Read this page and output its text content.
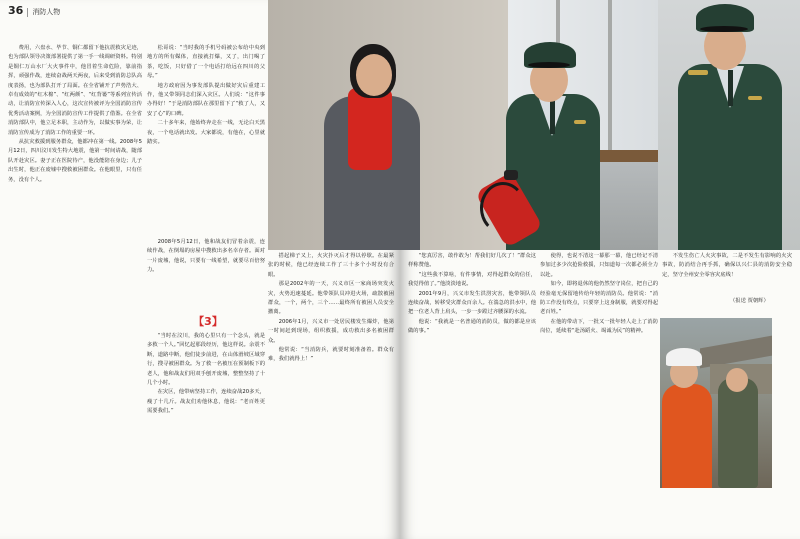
36 消防人物

费用，六盘水、毕节、铜仁都留下他抗震救灾足迹，也为部队领导决策部署提供了第一手一线调研资料。特别是铜仁万山水厂大火事件中，他冒着生命危险，靠前指挥，顽强作战，连续奋战两天两夜，后来受到消防总队高度表扬，也为部队打开了局面。在全省铺开了声势浩大、卓有成效的“红木棉”、“红两颜”、“红背篓”等系列宣传活动，让消防宣传深入人心，这次宣传被评为全国消防宣传优秀活动案例，为全国消防宣传工作提供了借鉴。在全省消防部队中，他立足本职，主动作为，以做实事为荣，让消防宣传成为了消防工作的重要一环。

从抗灾救援到服务群众，他都冲在第一线。2008年5月12日，四川汶川发生特大地震，他第一时间请战，随部队开赴灾区。妻子正在医院待产，他没能陪在身边；儿子出生时，他正在废墟中搜救被困群众。在他眼里，只有任务，没有个人。

松哥说：“当时我的手机号码被公布给中央到地方的所有媒体，直接就打爆，又了，出门喝了茶，吃饭，只好借了一个电话打给远在四川的父母。”

地方政府因为事发部队提出做好灾后重建工作，他又带领同志们深入灾区。人们说：“这件事办得好！”于是消防部队在那里留下了“救了人，又安了心”的口碑。

二十多年来，他始终奔走在一线，无论白天黑夜，一个电话就出发。大家都说，有他在，心里就踏实。

2008年5月12日，他和战友们冒着余震，连续作战，在倒塌的房屋中搜救出多名幸存者。面对一片废墟，他说，只要有一线希望，就要尽百倍努力。

【3】

“当时在汶川，我的心里只有一个念头，就是多救一个人。”回忆起那段经历，他这样说。余震不断，道路中断，他们徒步前进，在山体滑坡区域穿行，搜寻被困群众。为了救一名被压在预制板下的老人，他和战友们用双手刨开废墟，整整坚持了十几个小时。

在灾区，他带病坚持工作，连续奋战20多天，瘦了十几斤。战友们劝他休息，他说：“老百姓更需要我们。”

搭起梯子又上，火灾扑灭后才得以停歇。在最紧张的时候，他已经连续工作了三十多个小时没有合眼。

那是2002年的一天，兴义市区一家商场突发火灾，火势迅速蔓延。他带领队员冲进火场，疏散被困群众，一个，两个，三个……最终所有被困人员安全撤离。

2006年1月，兴义市一处居民楼发生爆炸，他第一时间赶到现场，组织救援，成功救出多名被困群众。

他常说：“当消防兵，就要时刻准备着。群众有难，我们就得上！”

“您真厉害，敢作敢为！帮我们好几次了！”群众这样称赞他。

“这些我不算啥，有件事情，对得起群众的信任，我觉得值了。”他淡淡地说。

2001年9月，兴义市发生洪涝灾害，他带领队员连续奋战，转移受灾群众百余人。在湍急的洪水中，他把一位老人背上肩头，一步一步蹚过齐腰深的水流。

他说：“我就是一名普通的消防员，做的都是应该做的事。”

使得，也说不清这一幕那一幕，他已经记不清参加过多少次抢险救援，只知道每一次都必须全力以赴。

如今，即将退休的他仍然坚守岗位，把自己的经验毫无保留地传给年轻的消防员。他常说：“消防工作没有终点，只要穿上这身制服，就要对得起老百姓。”

在他的带动下，一批又一批年轻人走上了消防岗位，延续着“赴汤蹈火、竭诚为民”的精神。

不发生伤亡人火灾事故，二是不发生有影响的火灾事故，防消结合再手抓，确保以兴仁县的消防安全稳定，坚守全州安全零容灾底线！

（报送 贾朝辉）
